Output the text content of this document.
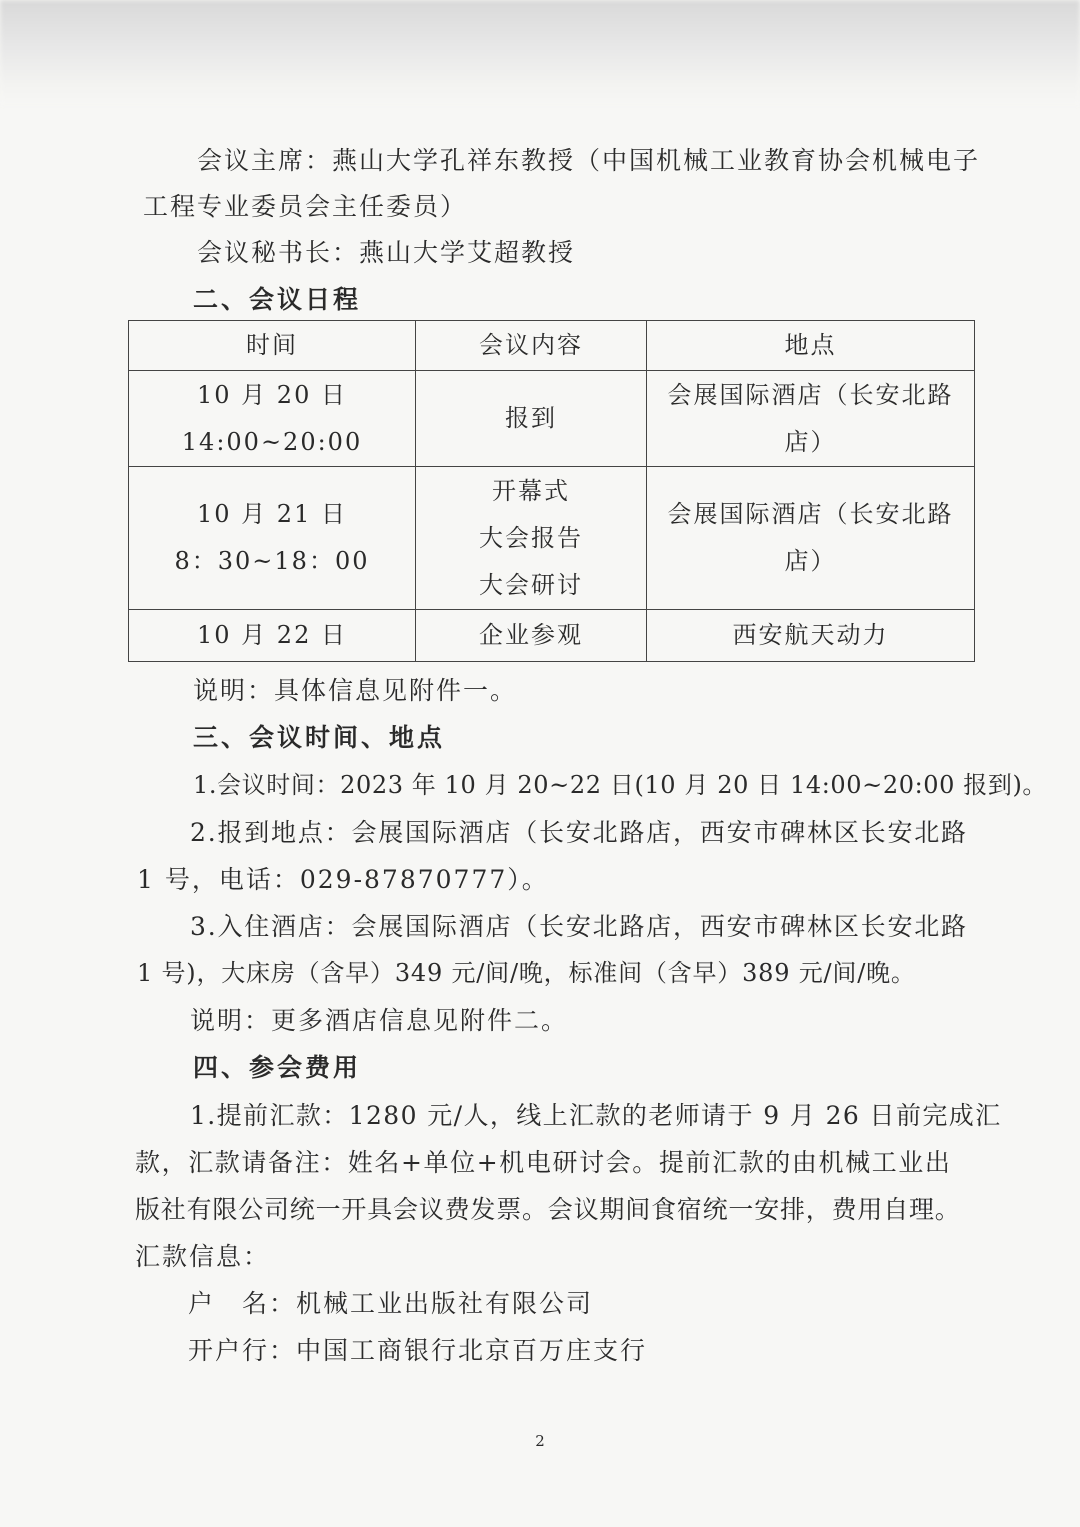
会议主席：燕山大学孔祥东教授（中国机械工业教育协会机械电子
工程专业委员会主任委员）
会议秘书长：燕山大学艾超教授
二、会议日程
时间	会议内容	地点

10 月 20 日 14:00~20:00	报到	会展国际酒店（长安北路
店）

10 月 21 日
8：30~18：00	开幕式
大会报告
大会研讨	会展国际酒店（长安北路
店）

10 月 22 日	企业参观	西安航天动力
说明：具体信息见附件一。
三、会议时间、地点
1.会议时间：2023 年 10 月 20~22 日(10 月 20 日 14:00~20:00 报到)。
2.报到地点：会展国际酒店（长安北路店，西安市碑林区长安北路
1 号，电话：029-87870777）。
3.入住酒店：会展国际酒店（长安北路店，西安市碑林区长安北路
1 号)，大床房（含早）349 元/间/晚，标准间（含早）389 元/间/晚。
说明：更多酒店信息见附件二。
四、参会费用
1.提前汇款：1280 元/人，线上汇款的老师请于 9 月 26 日前完成汇
款，汇款请备注：姓名+单位+机电研讨会。提前汇款的由机械工业出
版社有限公司统一开具会议费发票。会议期间食宿统一安排，费用自理。
汇款信息：
户　名：机械工业出版社有限公司
开户行：中国工商银行北京百万庄支行
2
